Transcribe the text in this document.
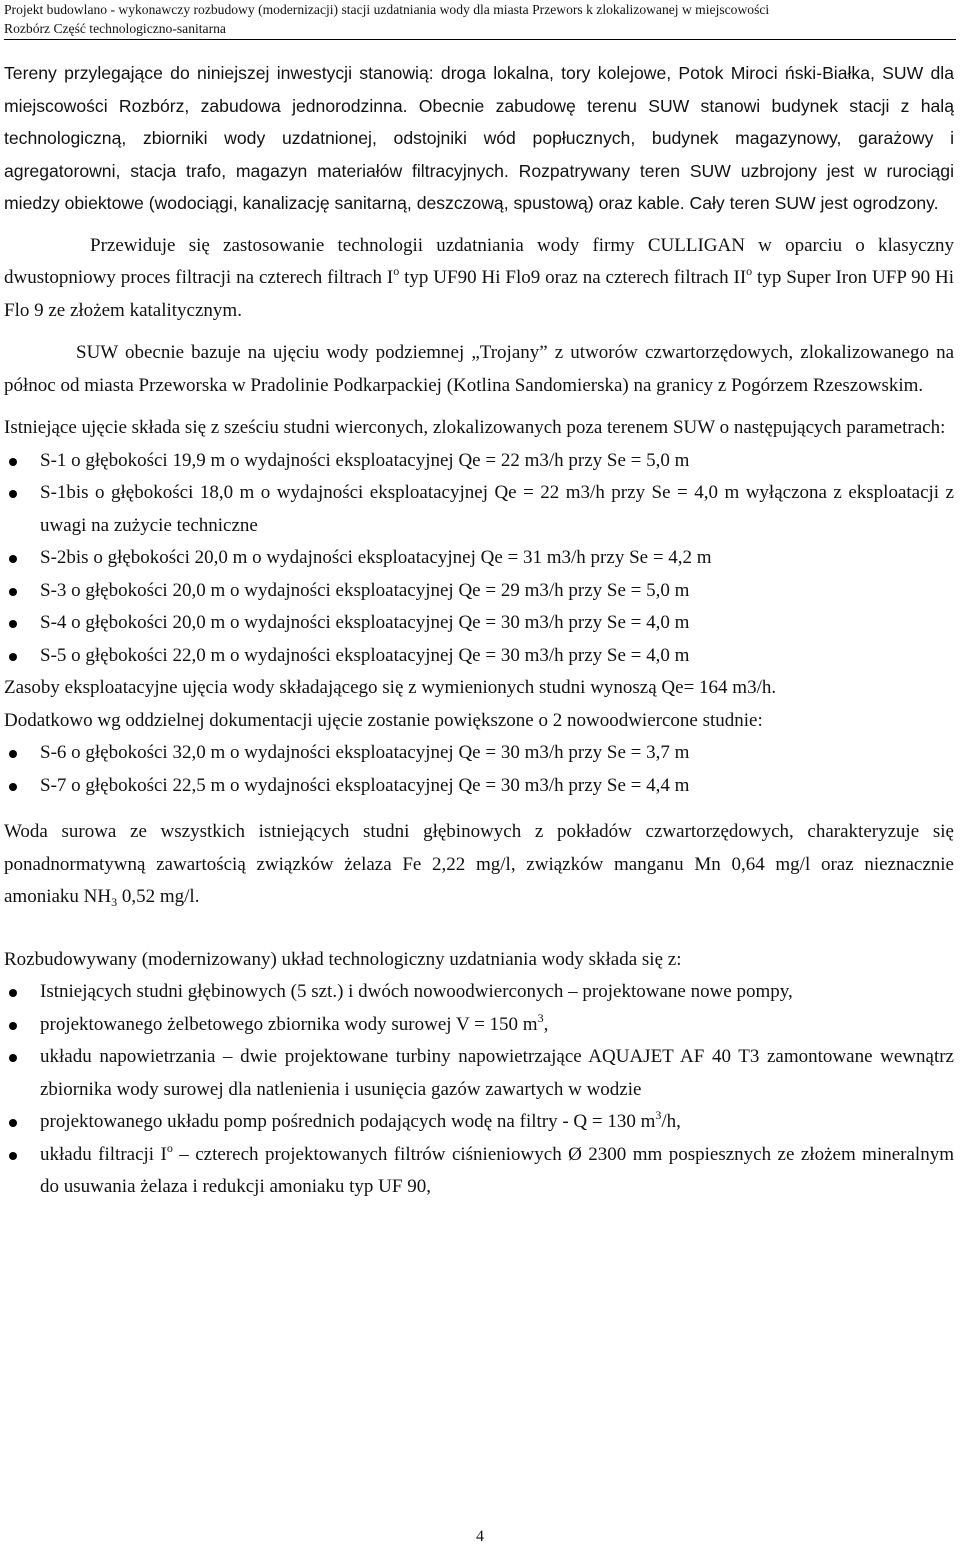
Projekt budowlano - wykonawczy rozbudowy (modernizacji) stacji uzdatniania wody dla miasta Przewors k zlokalizowanej w miejscowości
Rozbórz Część technologiczno-sanitarna

Tereny przylegające do niniejszej inwestycji stanowią: droga lokalna, tory kolejowe, Potok Miroci ński-Białka, SUW dla miejscowości Rozbórz, zabudowa jednorodzinna. Obecnie zabudowę terenu SUW stanowi budynek stacji z halą technologiczną, zbiorniki wody uzdatnionej, odstojniki wód popłucznych, budynek magazynowy, garażowy i agregatorowni, stacja trafo, magazyn materiałów filtracyjnych. Rozpatrywany teren SUW uzbrojony jest w rurociągi miedzy obiektowe (wodociągi, kanalizację sanitarną, deszczową, spustową) oraz kable. Cały teren SUW jest ogrodzony.

Przewiduje się zastosowanie technologii uzdatniania wody firmy CULLIGAN w oparciu o klasyczny dwustopniowy proces filtracji na czterech filtrach $I^o$ typ UF90 Hi Flo9 oraz na czterech filtrach $II^o$ typ Super Iron UFP 90 Hi Flo 9 ze złożem katalitycznym.

SUW obecnie bazuje na ujęciu wody podziemnej „Trojany” z utworów czwartorzędowych, zlokalizowanego na północ od miasta Przeworska w Pradolinie Podkarpackiej (Kotlina Sandomierska) na granicy z Pogórzem Rzeszowskim.

Istniejące ujęcie składa się z sześciu studni wierconych, zlokalizowanych poza terenem SUW o następujących parametrach:

S-1 o głębokości 19,9 m o wydajności eksploatacyjnej Qe = 22 m3/h przy Se = 5,0 m
S-1bis o głębokości 18,0 m o wydajności eksploatacyjnej Qe = 22 m3/h przy Se = 4,0 m wyłączona z eksploatacji z uwagi na zużycie techniczne
S-2bis o głębokości 20,0 m o wydajności eksploatacyjnej Qe = 31 m3/h przy Se = 4,2 m
S-3 o głębokości 20,0 m o wydajności eksploatacyjnej Qe = 29 m3/h przy Se = 5,0 m
S-4 o głębokości 20,0 m o wydajności eksploatacyjnej Qe = 30 m3/h przy Se = 4,0 m
S-5 o głębokości 22,0 m o wydajności eksploatacyjnej Qe = 30 m3/h przy Se = 4,0 m

Zasoby eksploatacyjne ujęcia wody składającego się z wymienionych studni wynoszą Qe= 164 m3/h.

Dodatkowo wg oddzielnej dokumentacji ujęcie zostanie powiększone o 2 nowoodwiercone studnie:

S-6 o głębokości 32,0 m o wydajności eksploatacyjnej Qe = 30 m3/h przy Se = 3,7 m
S-7 o głębokości 22,5 m o wydajności eksploatacyjnej Qe = 30 m3/h przy Se = 4,4 m

Woda surowa ze wszystkich istniejących studni głębinowych z pokładów czwartorzędowych, charakteryzuje się ponadnormatywną zawartością związków żelaza Fe 2,22 mg/l, związków manganu Mn 0,64 mg/l oraz nieznacznie amoniaku $NH_3$ 0,52 mg/l.

Rozbudowywany (modernizowany) układ technologiczny uzdatniania wody składa się z:

Istniejących studni głębinowych (5 szt.) i dwóch nowoodwierconych – projektowane nowe pompy,
projektowanego żelbetowego zbiornika wody surowej V = 150 $m^3$,
układu napowietrzania – dwie projektowane turbiny napowietrzające AQUAJET AF 40 T3 zamontowane wewnątrz zbiornika wody surowej dla natlenienia i usunięcia gazów zawartych w wodzie
projektowanego układu pomp pośrednich podających wodę na filtry - Q = 130 $m^3/h$,
układu filtracji $I^o$ – czterech projektowanych filtrów ciśnieniowych Ø 2300 mm pospiesznych ze złożem mineralnym do usuwania żelaza i redukcji amoniaku typ UF 90,
4
